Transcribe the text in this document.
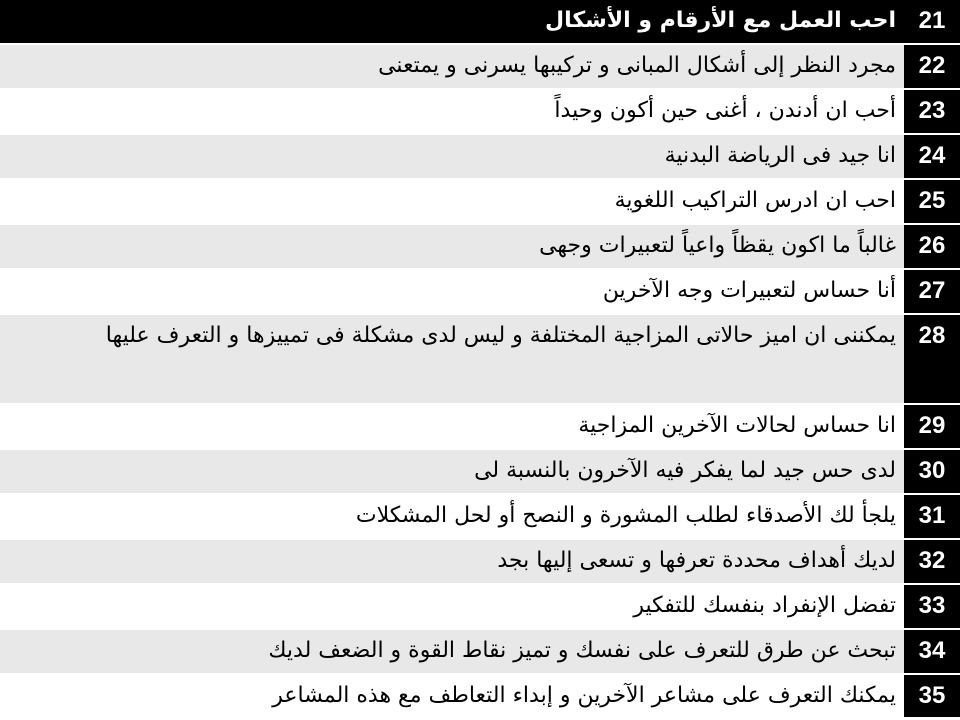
احب العمل مع الأرقام و الأشكال 21
مجرد النظر إلى أشكال المبانى و تركيبها يسرنى و يمتعنى 22
أحب ان أدندن ، أغنى حين أكون وحيداً 23
انا جيد فى الرياضة البدنية 24
احب ان ادرس التراكيب اللغوية 25
غالباً ما اكون يقظاً واعياً لتعبيرات وجهى 26
أنا حساس لتعبيرات وجه الآخرين 27
يمكننى ان اميز حالاتى المزاجية المختلفة و ليس لدى مشكلة فى تمييزها و التعرف عليها 28
انا حساس لحالات الآخرين المزاجية 29
لدى حس جيد لما يفكر فيه الآخرون بالنسبة لى 30
يلجأ لك الأصدقاء لطلب المشورة و النصح أو لحل المشكلات 31
لديك أهداف محددة تعرفها و تسعى إليها بجد 32
تفضل الإنفراد بنفسك للتفكير 33
تبحث عن طرق للتعرف على نفسك و تميز نقاط القوة و الضعف لديك 34
يمكنك التعرف على مشاعر الآخرين و إبداء التعاطف مع هذه المشاعر 35
